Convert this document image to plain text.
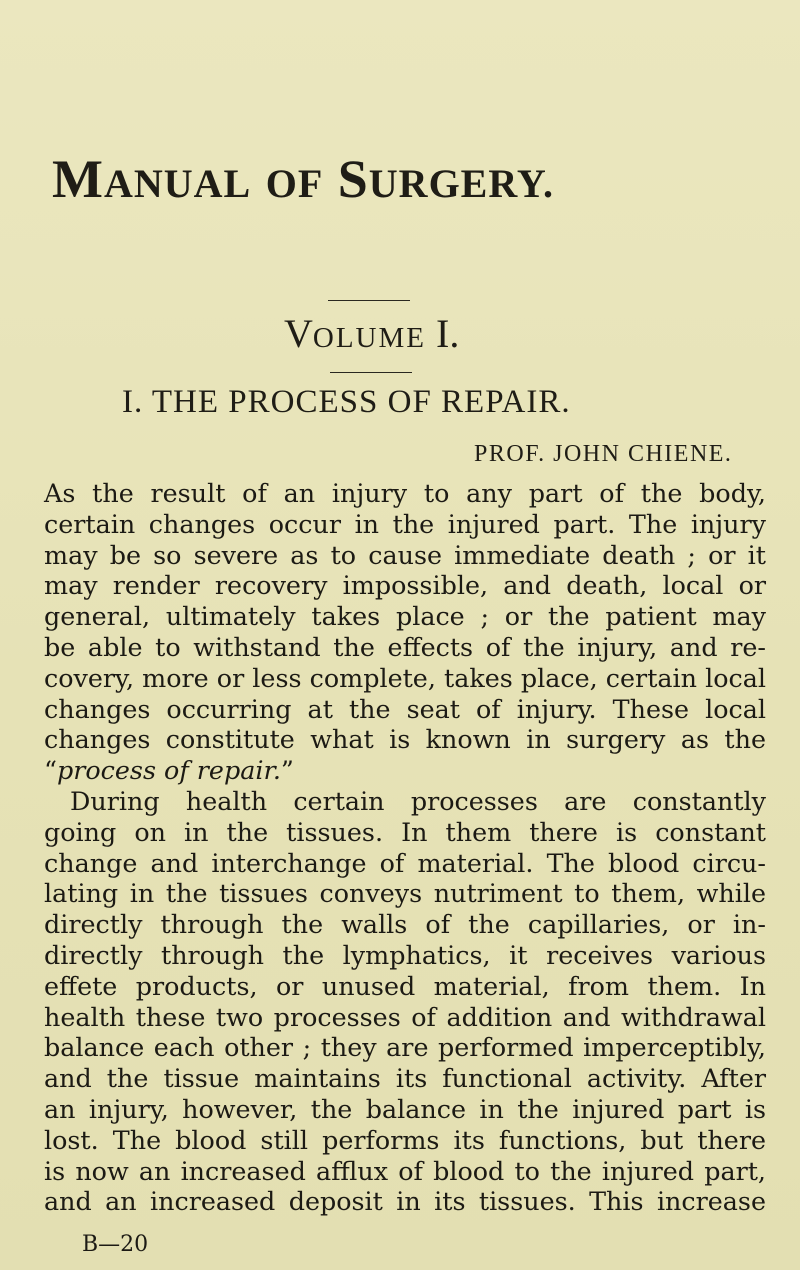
MANUAL OF SURGERY.
VOLUME I.
I. THE PROCESS OF REPAIR.
PROF. JOHN CHIENE.
As the result of an injury to any part of the body,
certain changes occur in the injured part. The injury
may be so severe as to cause immediate death ; or it
may render recovery impossible, and death, local or
general, ultimately takes place ; or the patient may
be able to withstand the effects of the injury, and re-
covery, more or less complete, takes place, certain local
changes occurring at the seat of injury. These local
changes constitute what is known in surgery as the
“process of repair.”
During health certain processes are constantly
going on in the tissues. In them there is constant
change and interchange of material. The blood circu-
lating in the tissues conveys nutriment to them, while
directly through the walls of the capillaries, or in-
directly through the lymphatics, it receives various
effete products, or unused material, from them. In
health these two processes of addition and withdrawal
balance each other ; they are performed imperceptibly,
and the tissue maintains its functional activity. After
an injury, however, the balance in the injured part is
lost. The blood still performs its functions, but there
is now an increased afflux of blood to the injured part,
and an increased deposit in its tissues. This increase
B—20
